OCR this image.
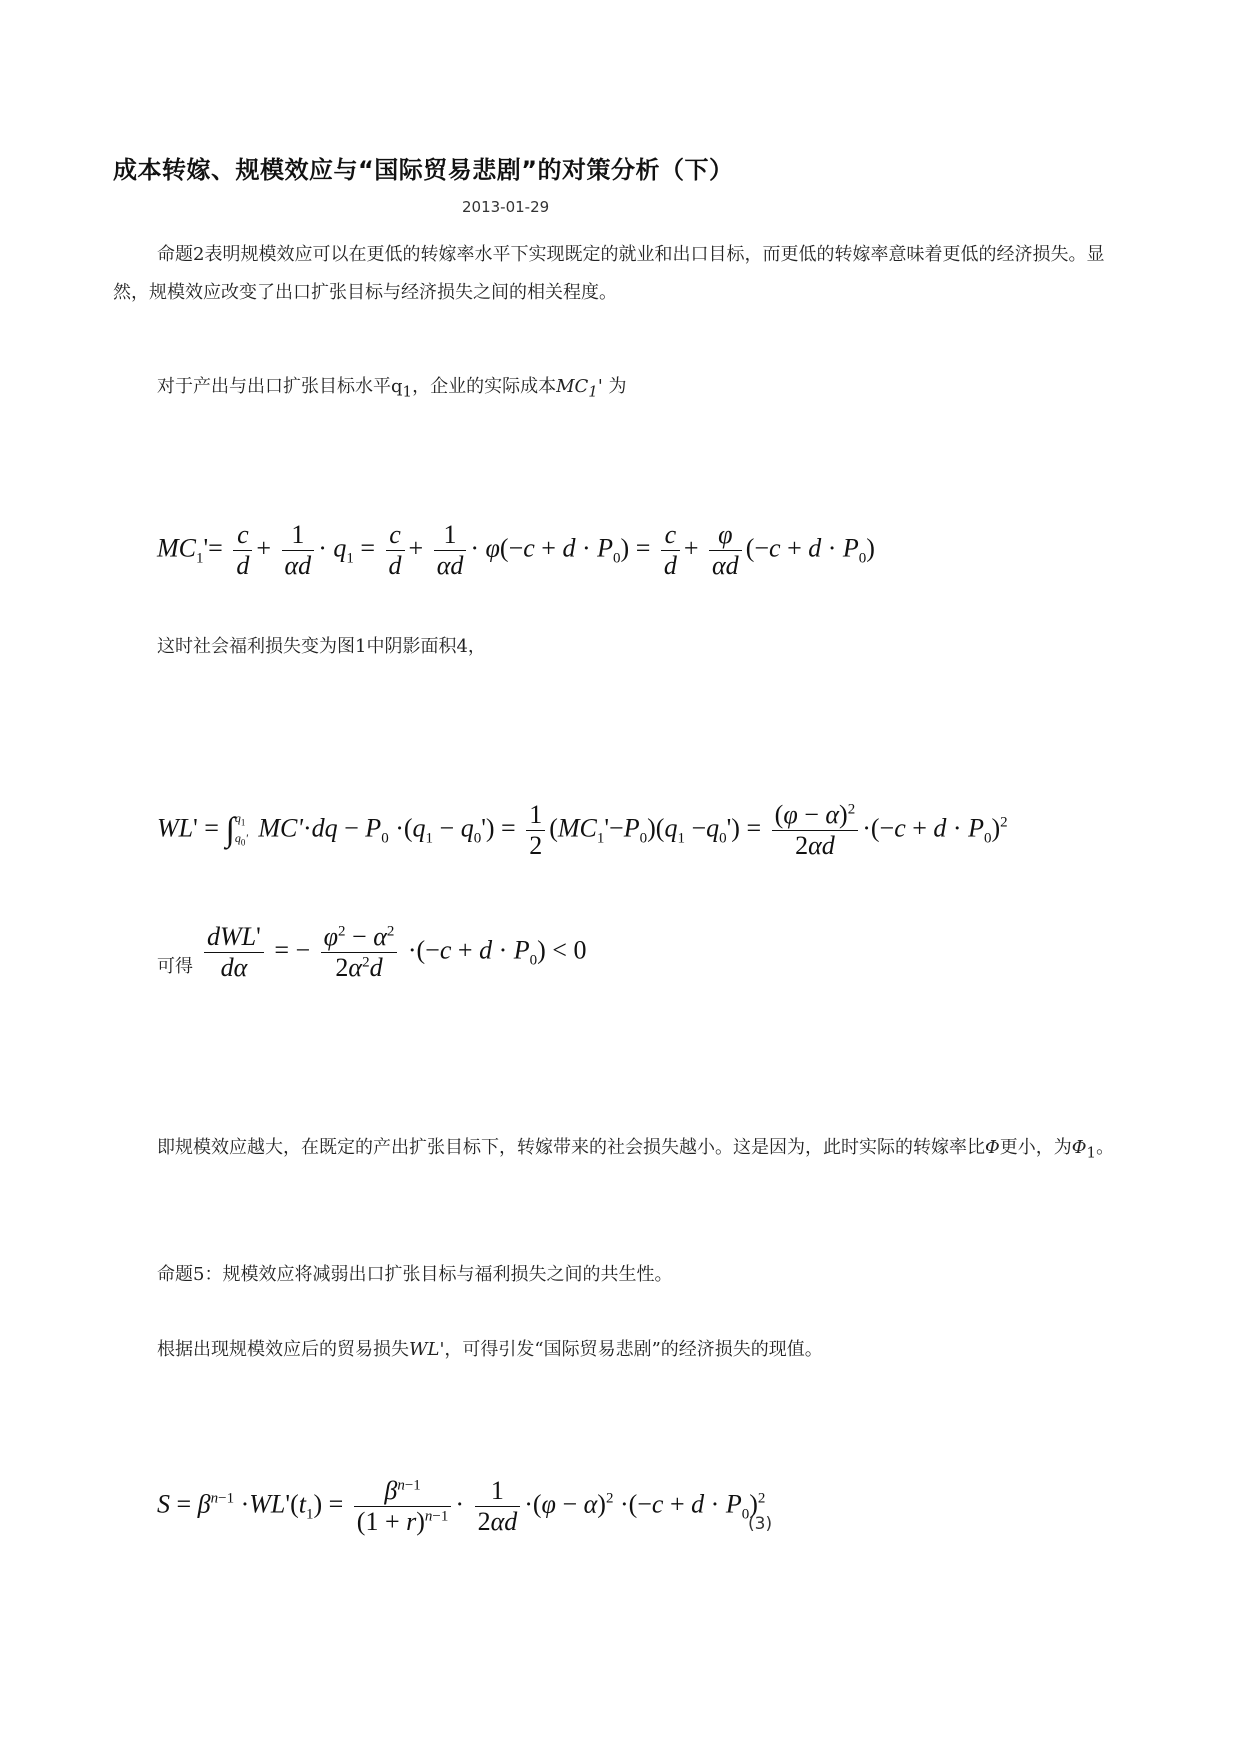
成本转嫁、规模效应与“国际贸易悲剧”的对策分析（下）
2013-01-29
命题2表明规模效应可以在更低的转嫁率水平下实现既定的就业和出口目标，而更低的转嫁率意味着更低的经济损失。显然，规模效应改变了出口扩张目标与经济损失之间的相关程度。
对于产出与出口扩张目标水平$q_1$，企业的实际成本$MC_1'$ 为
$MC_1'= \frac{c}{d} + \frac{1}{\alpha d} \cdot q_1 = \frac{c}{d} + \frac{1}{\alpha d} \cdot \varphi(-c + d \cdot P_0) = \frac{c}{d} + \frac{\varphi}{\alpha d} (-c + d \cdot P_0)$
这时社会福利损失变为图1中阴影面积4，
WL' = ∫ $q_1$
$q_0'$ $MC'\cdot dq - P_0 \cdot(q_1 - q_0') = \frac{1}{2} (MC_1'-P_0)(q_1 -q_0') = \frac{(\varphi - \alpha)^2}{2\alpha d} \cdot(-c + d \cdot P_0)^2$
可得 $\frac{\text{dWL'}}{d\alpha}$ = − $\frac{\varphi^2 - \alpha^2}{2\alpha^2d} \cdot(-c + d \cdot P_0) < 0$
即规模效应越大，在既定的产出扩张目标下，转嫁带来的社会损失越小。这是因为，此时实际的转嫁率比Φ更小，为$\Phi_1$。
命题5：规模效应将减弱出口扩张目标与福利损失之间的共生性。
根据出现规模效应后的贸易损失WL'，可得引发“国际贸易悲剧”的经济损失的现值。
$S = \beta^{n-1} \cdot WL'(t_1) = \frac{\beta^{n-1}}{(1 + r)^{n-1}} \cdot \frac{1}{2\alpha d} \cdot(\varphi - \alpha)^2 \cdot(-c + d \cdot P_0)^2$
(3)
